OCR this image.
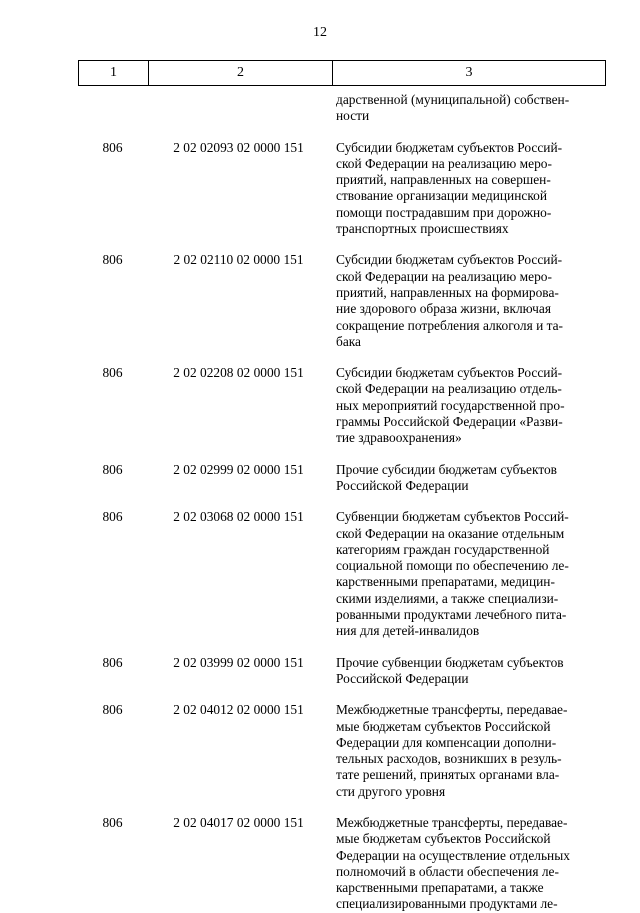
12
1	2	3
дарственной (муниципальной) собствен-
ности
806	2 02 02093 02 0000 151	Субсидии бюджетам субъектов Россий-
ской Федерации на реализацию меро-
приятий, направленных на совершен-
ствование организации медицинской
помощи пострадавшим при дорожно-
транспортных происшествиях
806	2 02 02110 02 0000 151	Субсидии бюджетам субъектов Россий-
ской Федерации на реализацию меро-
приятий, направленных на формирова-
ние здорового образа жизни, включая
сокращение потребления алкоголя и та-
бака
806	2 02 02208 02 0000 151	Субсидии бюджетам субъектов Россий-
ской Федерации на реализацию отдель-
ных мероприятий государственной про-
граммы Российской Федерации «Разви-
тие здравоохранения»
806	2 02 02999 02 0000 151	Прочие субсидии бюджетам субъектов
Российской Федерации
806	2 02 03068 02 0000 151	Субвенции бюджетам субъектов Россий-
ской Федерации на оказание отдельным
категориям граждан государственной
социальной помощи по обеспечению ле-
карственными препаратами, медицин-
скими изделиями, а также специализи-
рованными продуктами лечебного пита-
ния для детей-инвалидов
806	2 02 03999 02 0000 151	Прочие субвенции бюджетам субъектов
Российской Федерации
806	2 02 04012 02 0000 151	Межбюджетные трансферты, передавае-
мые бюджетам субъектов Российской
Федерации для компенсации дополни-
тельных расходов, возникших в резуль-
тате решений, принятых органами вла-
сти другого уровня
806	2 02 04017 02 0000 151	Межбюджетные трансферты, передавае-
мые бюджетам субъектов Российской
Федерации на осуществление отдельных
полномочий в области обеспечения ле-
карственными препаратами, а также
специализированными продуктами ле-
